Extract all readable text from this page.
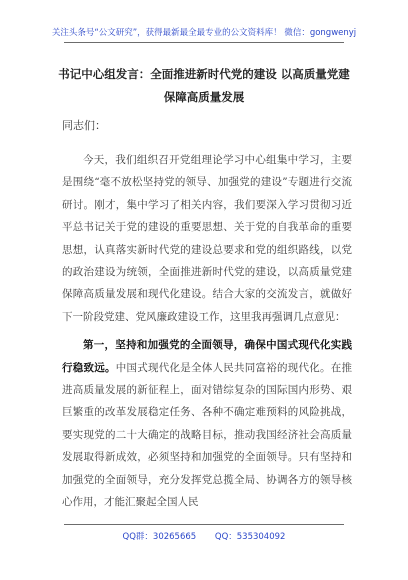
关注头条号“公文研究”，获得最新最全最专业的公文资料库！ 微信：gongwenyj
书记中心组发言：全面推进新时代党的建设 以高质量党建
保障高质量发展
同志们：

今天，我们组织召开党组理论学习中心组集中学习，主要是围绕“毫不放松坚持党的领导、加强党的建设”专题进行交流研讨。刚才，集中学习了相关内容，我们要深入学习贯彻习近平总书记关于党的建设的重要思想、关于党的自我革命的重要思想，认真落实新时代党的建设总要求和党的组织路线，以党的政治建设为统领，全面推进新时代党的建设，以高质量党建保障高质量发展和现代化建设。结合大家的交流发言，就做好下一阶段党建、党风廉政建设工作，这里我再强调几点意见：

第一，坚持和加强党的全面领导，确保中国式现代化实践行稳致远。中国式现代化是全体人民共同富裕的现代化。在推进高质量发展的新征程上，面对错综复杂的国际国内形势、艰巨繁重的改革发展稳定任务、各种不确定难预料的风险挑战，要实现党的二十大确定的战略目标，推动我国经济社会高质量发展取得新成效，必须坚持和加强党的全面领导。只有坚持和加强党的全面领导，充分发挥党总揽全局、协调各方的领导核心作用，才能汇聚起全国人民

QQ群：30265665 QQ：535304092
